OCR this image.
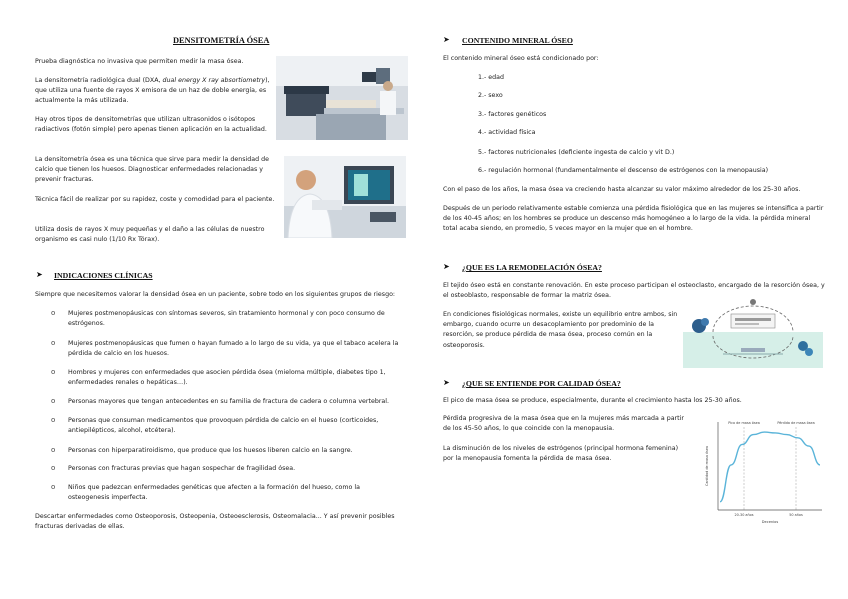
DENSITOMETRÍA ÓSEA
Prueba diagnóstica no invasiva que permiten medir la masa ósea.
La densitometría radiológica dual (DXA, dual energy X ray absortiometry), que utiliza una fuente de rayos X emisora de un haz de doble energía, es actualmente la más utilizada.
Hay otros tipos de densitometrías que utilizan ultrasonidos o isótopos radiactivos (fotón simple) pero apenas tienen aplicación en la actualidad.
La densitometría ósea es una técnica que sirve para medir la densidad de calcio que tienen los huesos. Diagnosticar enfermedades relacionadas y prevenir fracturas.
Técnica fácil de realizar por su rapidez, coste y comodidad para el paciente.
Utiliza dosis de rayos X muy pequeñas y el daño a las células de nuestro organismo es casi nulo (1/10 Rx Tórax).
➤ INDICACIONES CLÍNICAS
Siempre que necesitemos valorar la densidad ósea en un paciente, sobre todo en los siguientes grupos de riesgo:
o Mujeres postmenopáusicas con síntomas severos, sin tratamiento hormonal y con poco consumo de estrógenos.
o Mujeres postmenopáusicas que fumen o hayan fumado a lo largo de su vida, ya que el tabaco acelera la pérdida de calcio en los huesos.
o Hombres y mujeres con enfermedades que asocien pérdida ósea (mieloma múltiple, diabetes tipo 1, enfermedades renales o hepáticas…).
o Personas mayores que tengan antecedentes en su familia de fractura de cadera o columna vertebral.
o Personas que consuman medicamentos que provoquen pérdida de calcio en el hueso (corticoides, antiepilépticos, alcohol, etcétera).
o Personas con hiperparatiroidismo, que produce que los huesos liberen calcio en la sangre.
o Personas con fracturas previas que hagan sospechar de fragilidad ósea.
o Niños que padezcan enfermedades genéticas que afecten a la formación del hueso, como la osteogenesis imperfecta.
Descartar enfermedades como Osteoporosis, Osteopenia, Osteoesclerosis, Osteomalacia... Y así prevenir posibles fracturas derivadas de ellas.
➤ CONTENIDO MINERAL ÓSEO
El contenido mineral óseo está condicionado por:
1.- edad
2.- sexo
3.- factores genéticos
4.- actividad física
5.- factores nutricionales (deficiente ingesta de calcio y vit D.)
6.- regulación hormonal (fundamentalmente el descenso de estrógenos con la menopausia)
Con el paso de los años, la masa ósea va creciendo hasta alcanzar su valor máximo alrededor de los 25-30 años.
Después de un periodo relativamente estable comienza una pérdida fisiológica que en las mujeres se intensifica a partir de los 40-45 años; en los hombres se produce un descenso más homogéneo a lo largo de la vida. la pérdida mineral total acaba siendo, en promedio, 5 veces mayor en la mujer que en el hombre.
➤ ¿QUE ES LA REMODELACIÓN ÓSEA?
El tejido óseo está en constante renovación. En este proceso participan el osteoclasto, encargado de la resorción ósea, y el osteoblasto, responsable de formar la matriz ósea.
En condiciones fisiológicas normales, existe un equilibrio entre ambos, sin embargo, cuando ocurre un desacoplamiento por predominio de la resorción, se produce pérdida de masa ósea, proceso común en la osteoporosis.
➤ ¿QUE SE ENTIENDE POR CALIDAD ÓSEA?
El pico de masa ósea se produce, especialmente, durante el crecimiento hasta los 25-30 años.
Pérdida progresiva de la masa ósea que en la mujeres más marcada a partir de los 45-50 años, lo que coincide con la menopausia.
La disminución de los niveles de estrógenos (principal hormona femenina) por la menopausia fomenta la pérdida de masa ósea.	Cantidad de masa ósea
Decenios
Pico de masa ósea	Pérdida de masa ósea
20-30 años	50 años
